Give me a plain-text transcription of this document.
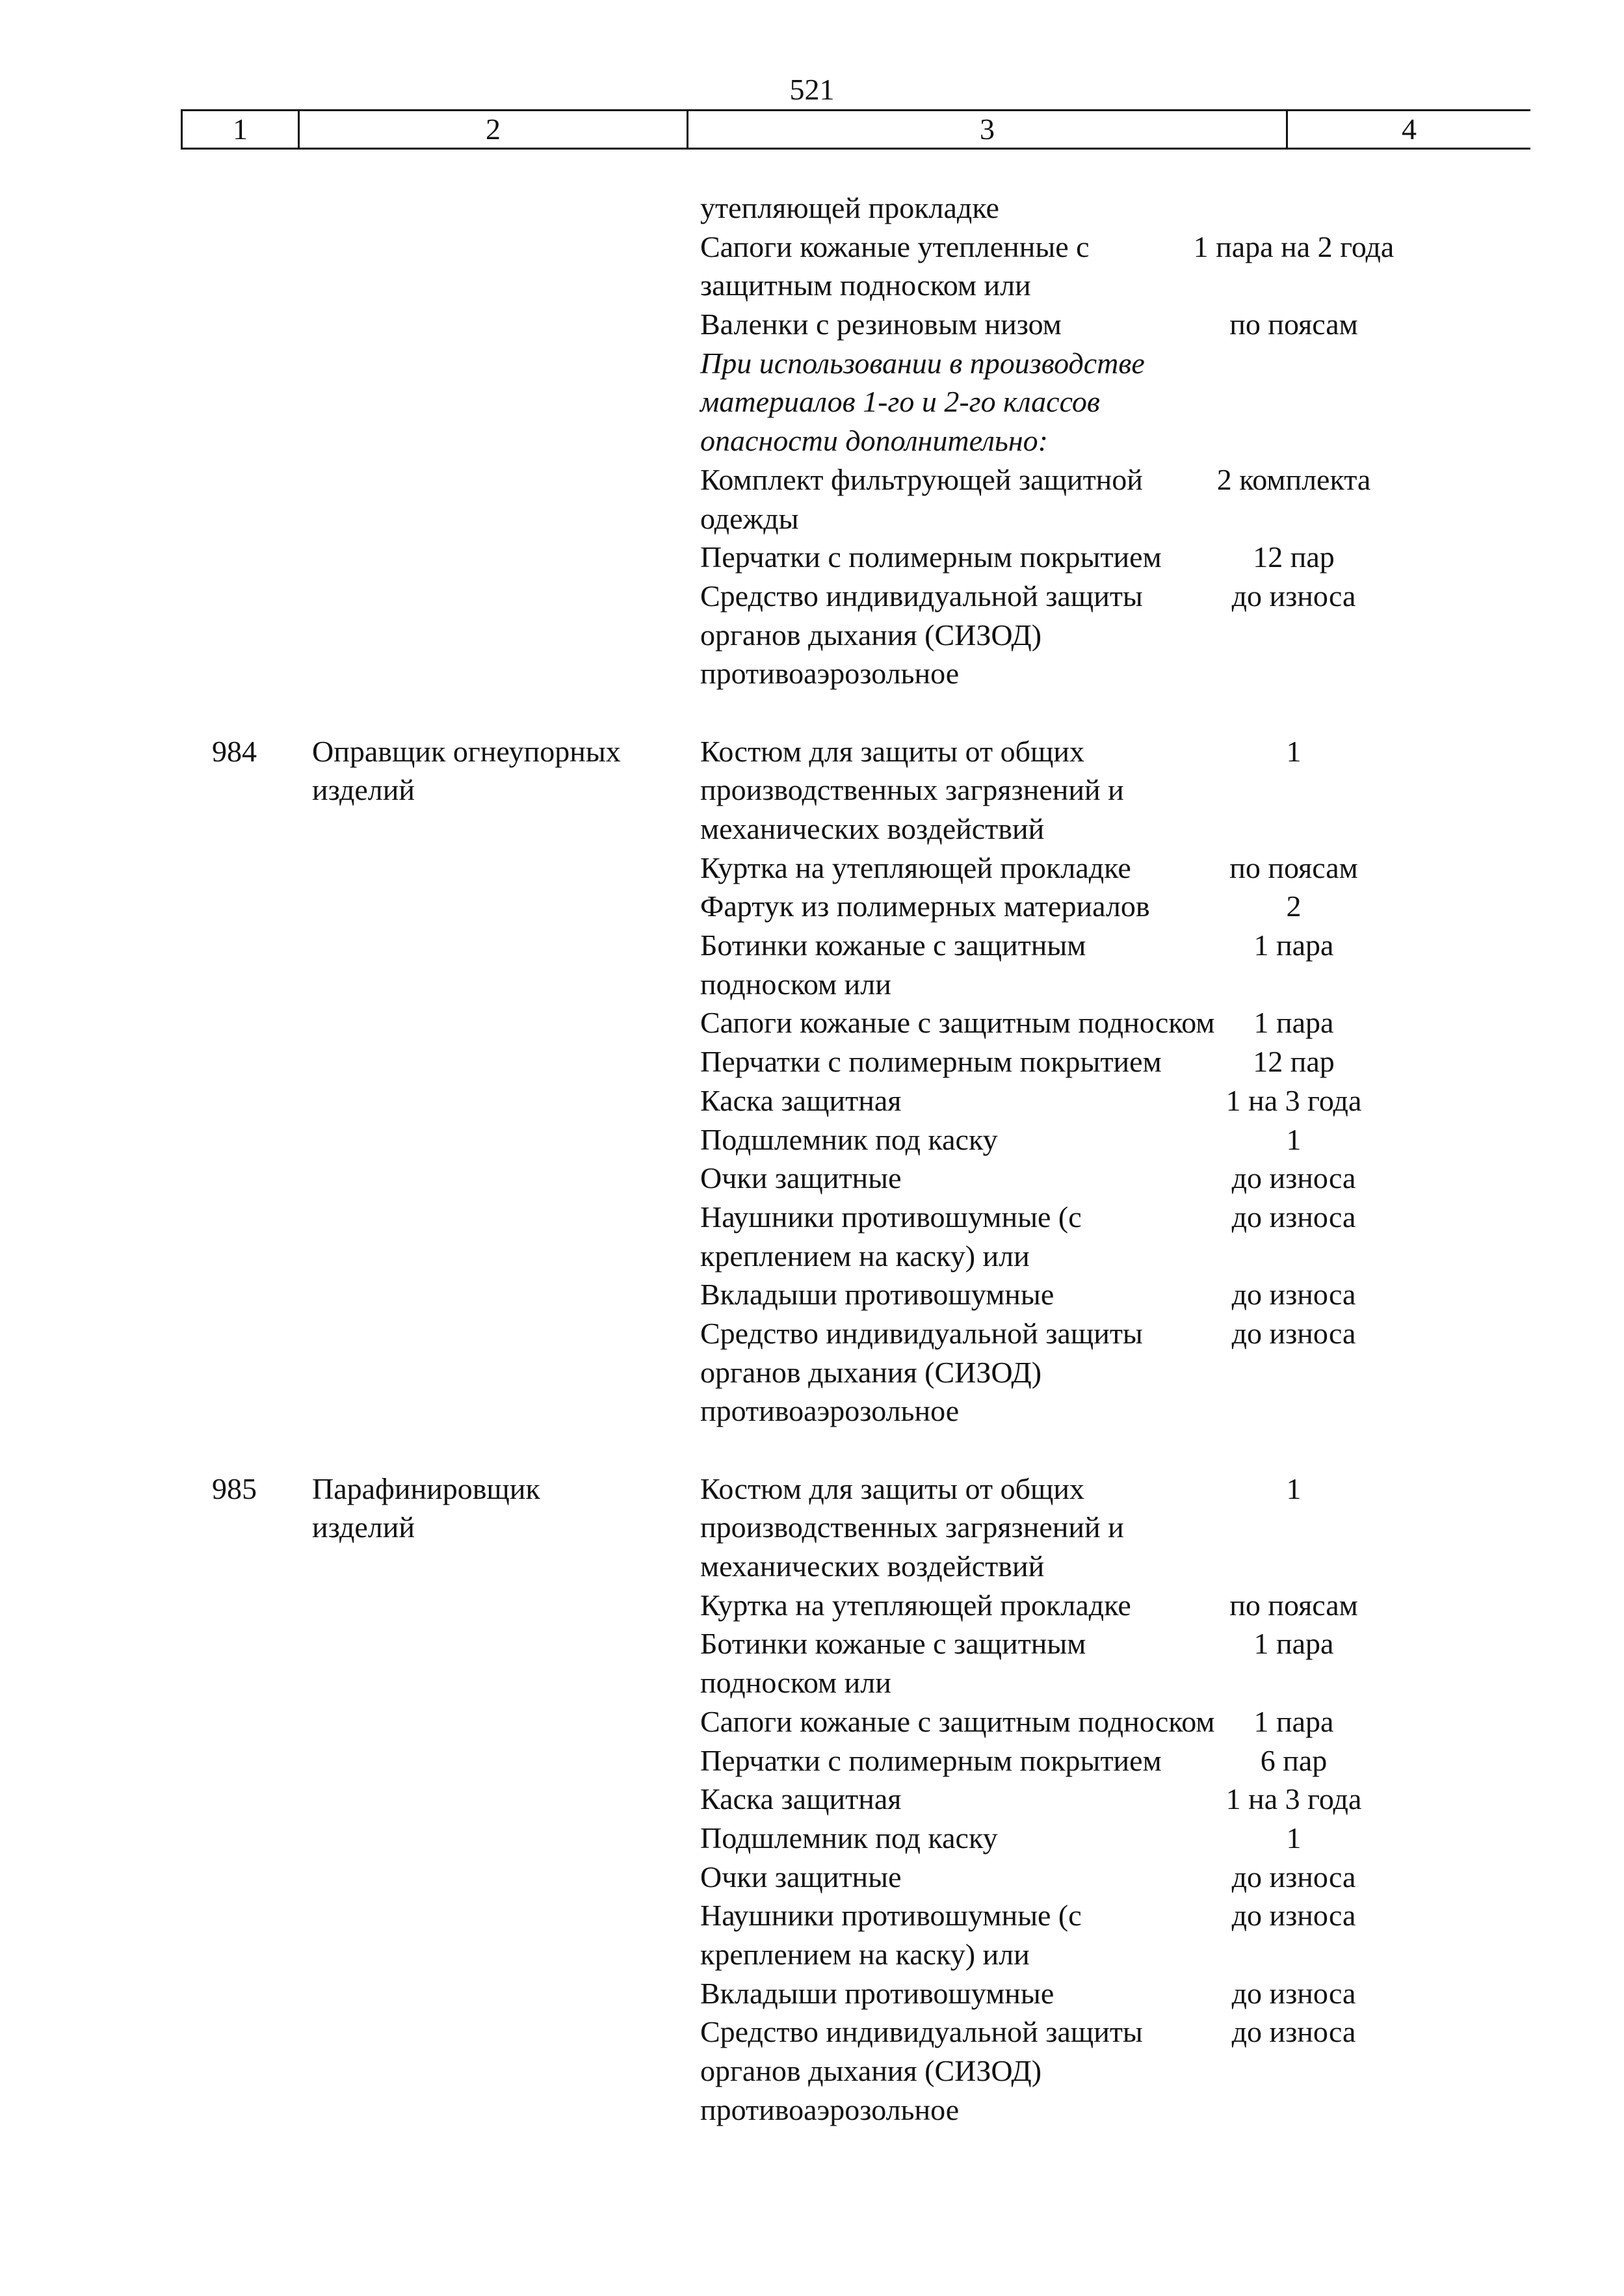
521
1	2	3	4
утепляющей прокладке
Сапоги кожаные утепленные с	1 пара на 2 года
защитным подноском или
Валенки с резиновым низом	по поясам
При использовании в производстве
материалов 1-го и 2-го классов
опасности дополнительно:
Комплект фильтрующей защитной	2 комплекта
одежды
Перчатки с полимерным покрытием	12 пар
Средство индивидуальной защиты	до износа
органов дыхания (СИЗОД)
противоаэрозольное
984 Оправщик огнеупорных	Костюм для защиты от общих	1
изделий	производственных загрязнений и
механических воздействий
Куртка на утепляющей прокладке	по поясам
Фартук из полимерных материалов	2
Ботинки кожаные с защитным	1 пара
подноском или
Сапоги кожаные с защитным подноском	1 пара
Перчатки с полимерным покрытием	12 пар
Каска защитная	1 на 3 года
Подшлемник под каску	1
Очки защитные	до износа
Наушники противошумные (с	до износа
креплением на каску) или
Вкладыши противошумные	до износа
Средство индивидуальной защиты	до износа
органов дыхания (СИЗОД)
противоаэрозольное
985 Парафинировщик	Костюм для защиты от общих	1
изделий	производственных загрязнений и
механических воздействий
Куртка на утепляющей прокладке	по поясам
Ботинки кожаные с защитным	1 пара
подноском или
Сапоги кожаные с защитным подноском	1 пара
Перчатки с полимерным покрытием	6 пар
Каска защитная	1 на 3 года
Подшлемник под каску	1
Очки защитные	до износа
Наушники противошумные (с	до износа
креплением на каску) или
Вкладыши противошумные	до износа
Средство индивидуальной защиты	до износа
органов дыхания (СИЗОД)
противоаэрозольное
